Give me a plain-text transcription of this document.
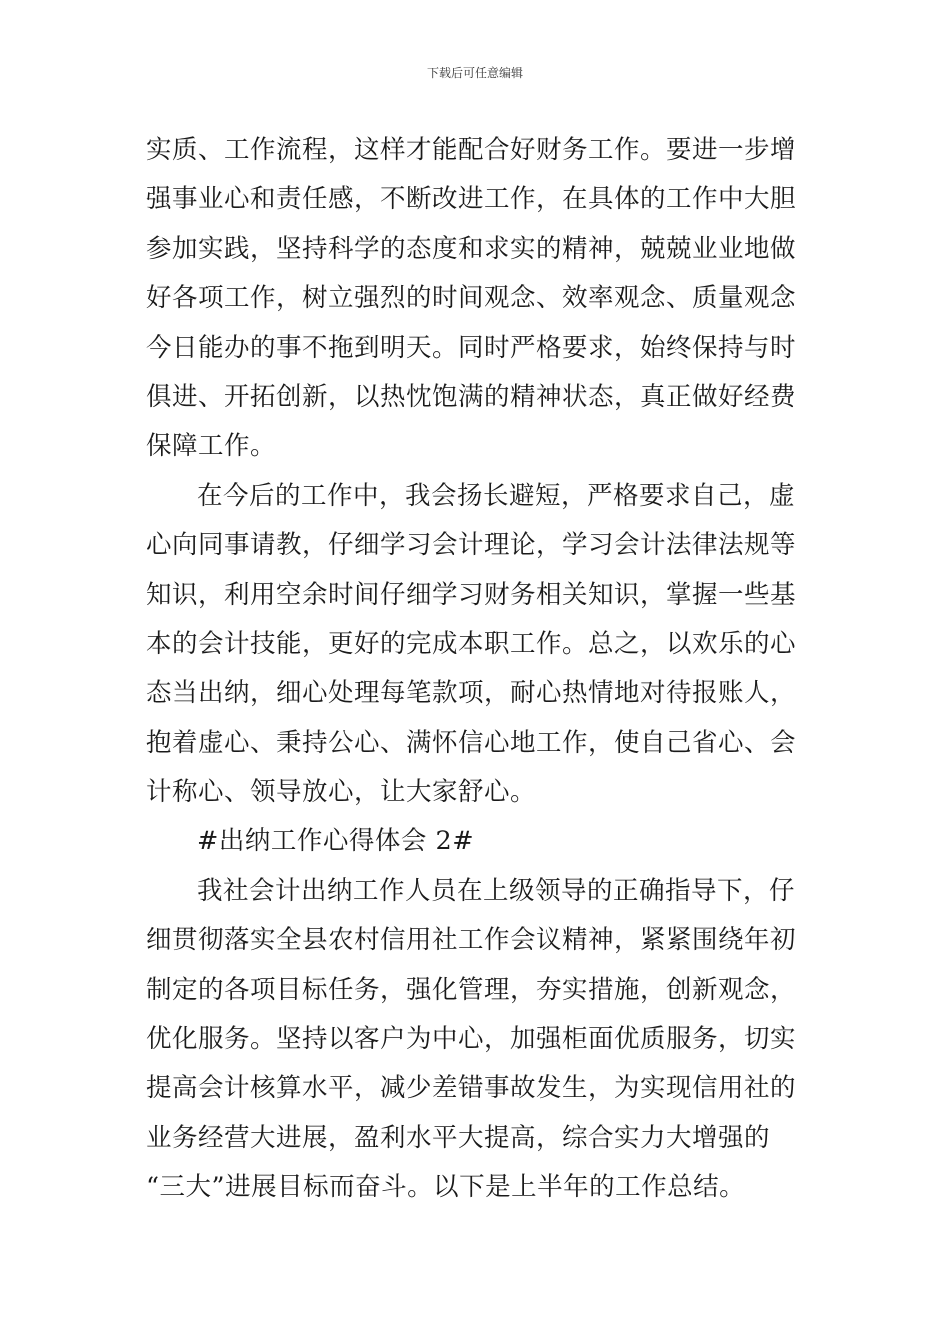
下载后可任意编辑
实质、工作流程，这样才能配合好财务工作。要进一步增
强事业心和责任感，不断改进工作，在具体的工作中大胆
参加实践，坚持科学的态度和求实的精神，兢兢业业地做
好各项工作，树立强烈的时间观念、效率观念、质量观念
今日能办的事不拖到明天。同时严格要求，始终保持与时
俱进、开拓创新，以热忱饱满的精神状态，真正做好经费
保障工作。
在今后的工作中，我会扬长避短，严格要求自己，虚
心向同事请教，仔细学习会计理论，学习会计法律法规等
知识，利用空余时间仔细学习财务相关知识，掌握一些基
本的会计技能，更好的完成本职工作。总之，以欢乐的心
态当出纳，细心处理每笔款项，耐心热情地对待报账人，
抱着虚心、秉持公心、满怀信心地工作，使自己省心、会
计称心、领导放心，让大家舒心。
#出纳工作心得体会 2#
我社会计出纳工作人员在上级领导的正确指导下，仔
细贯彻落实全县农村信用社工作会议精神，紧紧围绕年初
制定的各项目标任务，强化管理，夯实措施，创新观念，
优化服务。坚持以客户为中心，加强柜面优质服务，切实
提高会计核算水平，减少差错事故发生，为实现信用社的
业务经营大进展，盈利水平大提高，综合实力大增强的
“三大”进展目标而奋斗。以下是上半年的工作总结。
